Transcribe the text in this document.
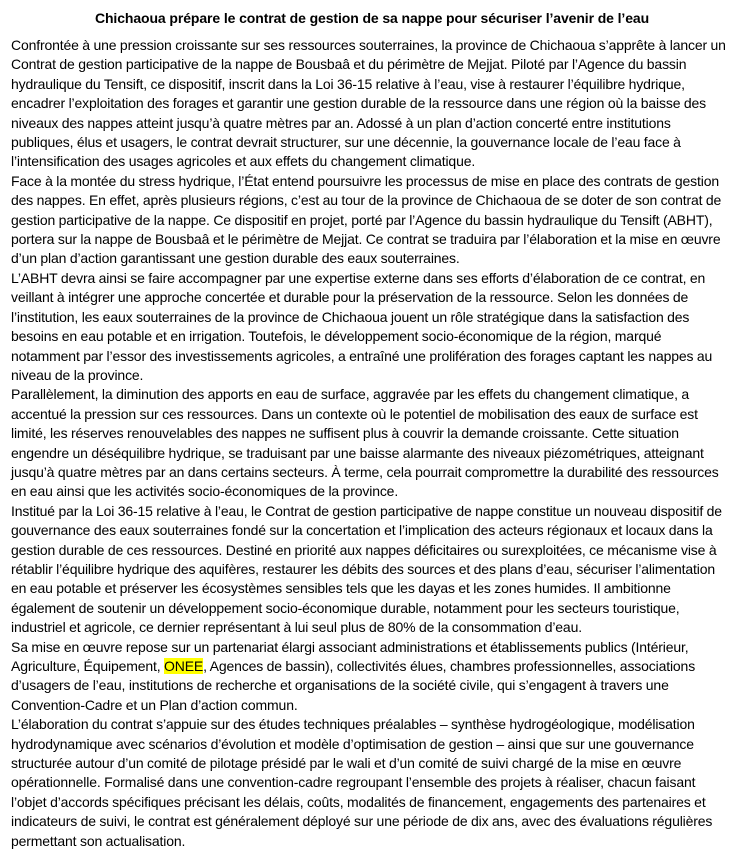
Chichaoua prépare le contrat de gestion de sa nappe pour sécuriser l’avenir de l’eau

Confrontée à une pression croissante sur ses ressources souterraines, la province de Chichaoua s’apprête à lancer un Contrat de gestion participative de la nappe de Bousbaâ et du périmètre de Mejjat. Piloté par l’Agence du bassin hydraulique du Tensift, ce dispositif, inscrit dans la Loi 36-15 relative à l’eau, vise à restaurer l’équilibre hydrique, encadrer l’exploitation des forages et garantir une gestion durable de la ressource dans une région où la baisse des niveaux des nappes atteint jusqu’à quatre mètres par an. Adossé à un plan d’action concerté entre institutions publiques, élus et usagers, le contrat devrait structurer, sur une décennie, la gouvernance locale de l’eau face à l’intensification des usages agricoles et aux effets du changement climatique.

Face à la montée du stress hydrique, l’État entend poursuivre les processus de mise en place des contrats de gestion des nappes. En effet, après plusieurs régions, c’est au tour de la province de Chichaoua de se doter de son contrat de gestion participative de la nappe. Ce dispositif en projet, porté par l’Agence du bassin hydraulique du Tensift (ABHT), portera sur la nappe de Bousbaâ et le périmètre de Mejjat. Ce contrat se traduira par l’élaboration et la mise en œuvre d’un plan d’action garantissant une gestion durable des eaux souterraines.

L’ABHT devra ainsi se faire accompagner par une expertise externe dans ses efforts d’élaboration de ce contrat, en veillant à intégrer une approche concertée et durable pour la préservation de la ressource. Selon les données de l’institution, les eaux souterraines de la province de Chichaoua jouent un rôle stratégique dans la satisfaction des besoins en eau potable et en irrigation. Toutefois, le développement socio-économique de la région, marqué notamment par l’essor des investissements agricoles, a entraîné une prolifération des forages captant les nappes au niveau de la province.

Parallèlement, la diminution des apports en eau de surface, aggravée par les effets du changement climatique, a accentué la pression sur ces ressources. Dans un contexte où le potentiel de mobilisation des eaux de surface est limité, les réserves renouvelables des nappes ne suffisent plus à couvrir la demande croissante. Cette situation engendre un déséquilibre hydrique, se traduisant par une baisse alarmante des niveaux piézométriques, atteignant jusqu’à quatre mètres par an dans certains secteurs. À terme, cela pourrait compromettre la durabilité des ressources en eau ainsi que les activités socio-économiques de la province.

Institué par la Loi 36-15 relative à l’eau, le Contrat de gestion participative de nappe constitue un nouveau dispositif de gouvernance des eaux souterraines fondé sur la concertation et l’implication des acteurs régionaux et locaux dans la gestion durable de ces ressources. Destiné en priorité aux nappes déficitaires ou surexploitées, ce mécanisme vise à rétablir l’équilibre hydrique des aquifères, restaurer les débits des sources et des plans d’eau, sécuriser l’alimentation en eau potable et préserver les écosystèmes sensibles tels que les dayas et les zones humides. Il ambitionne également de soutenir un développement socio-économique durable, notamment pour les secteurs touristique, industriel et agricole, ce dernier représentant à lui seul plus de 80% de la consommation d’eau.

Sa mise en œuvre repose sur un partenariat élargi associant administrations et établissements publics (Intérieur, Agriculture, Équipement, ONEE, Agences de bassin), collectivités élues, chambres professionnelles, associations d’usagers de l’eau, institutions de recherche et organisations de la société civile, qui s’engagent à travers une Convention-Cadre et un Plan d’action commun.

L’élaboration du contrat s’appuie sur des études techniques préalables – synthèse hydrogéologique, modélisation hydrodynamique avec scénarios d’évolution et modèle d’optimisation de gestion – ainsi que sur une gouvernance structurée autour d’un comité de pilotage présidé par le wali et d’un comité de suivi chargé de la mise en œuvre opérationnelle. Formalisé dans une convention-cadre regroupant l’ensemble des projets à réaliser, chacun faisant l’objet d’accords spécifiques précisant les délais, coûts, modalités de financement, engagements des partenaires et indicateurs de suivi, le contrat est généralement déployé sur une période de dix ans, avec des évaluations régulières permettant son actualisation.
